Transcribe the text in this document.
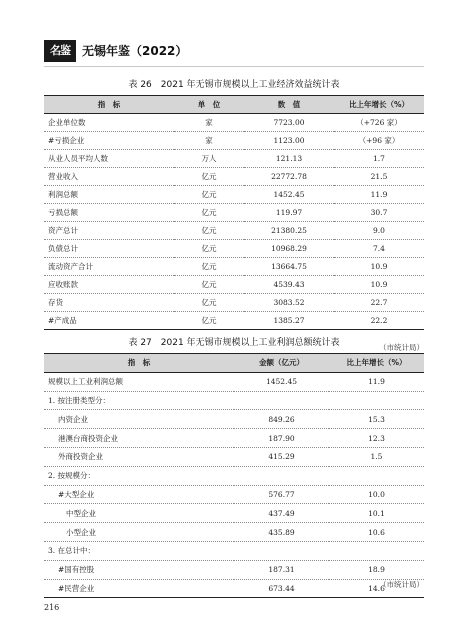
名鉴	无锡年鉴（2022）
表 26　2021 年无锡市规模以上工业经济效益统计表
指　标	单　位	数　值	比上年增长（%）
企业单位数	家	7723.00	（+726 家）
#亏损企业	家	1123.00	（+96 家）
从业人员平均人数	万人	121.13	1.7
营业收入	亿元	22772.78	21.5
利润总额	亿元	1452.45	11.9
亏损总额	亿元	119.97	30.7
资产总计	亿元	21380.25	9.0
负债总计	亿元	10968.29	7.4
流动资产合计	亿元	13664.75	10.9
应收账款	亿元	4539.43	10.9
存货	亿元	3083.52	22.7
#产成品	亿元	1385.27	22.2
（市统计局）
表 27　2021 年无锡市规模以上工业利润总额统计表
指　标	金额（亿元）	比上年增长（%）
规模以上工业利润总额	1452.45	11.9
1. 按注册类型分：		
内资企业	849.26	15.3
港澳台商投资企业	187.90	12.3
外商投资企业	415.29	1.5
2. 按规模分：		
#大型企业	576.77	10.0
中型企业	437.49	10.1
小型企业	435.89	10.6
3. 在总计中：		
#国有控股	187.31	18.9
#民营企业	673.44	14.6
（市统计局）
216
